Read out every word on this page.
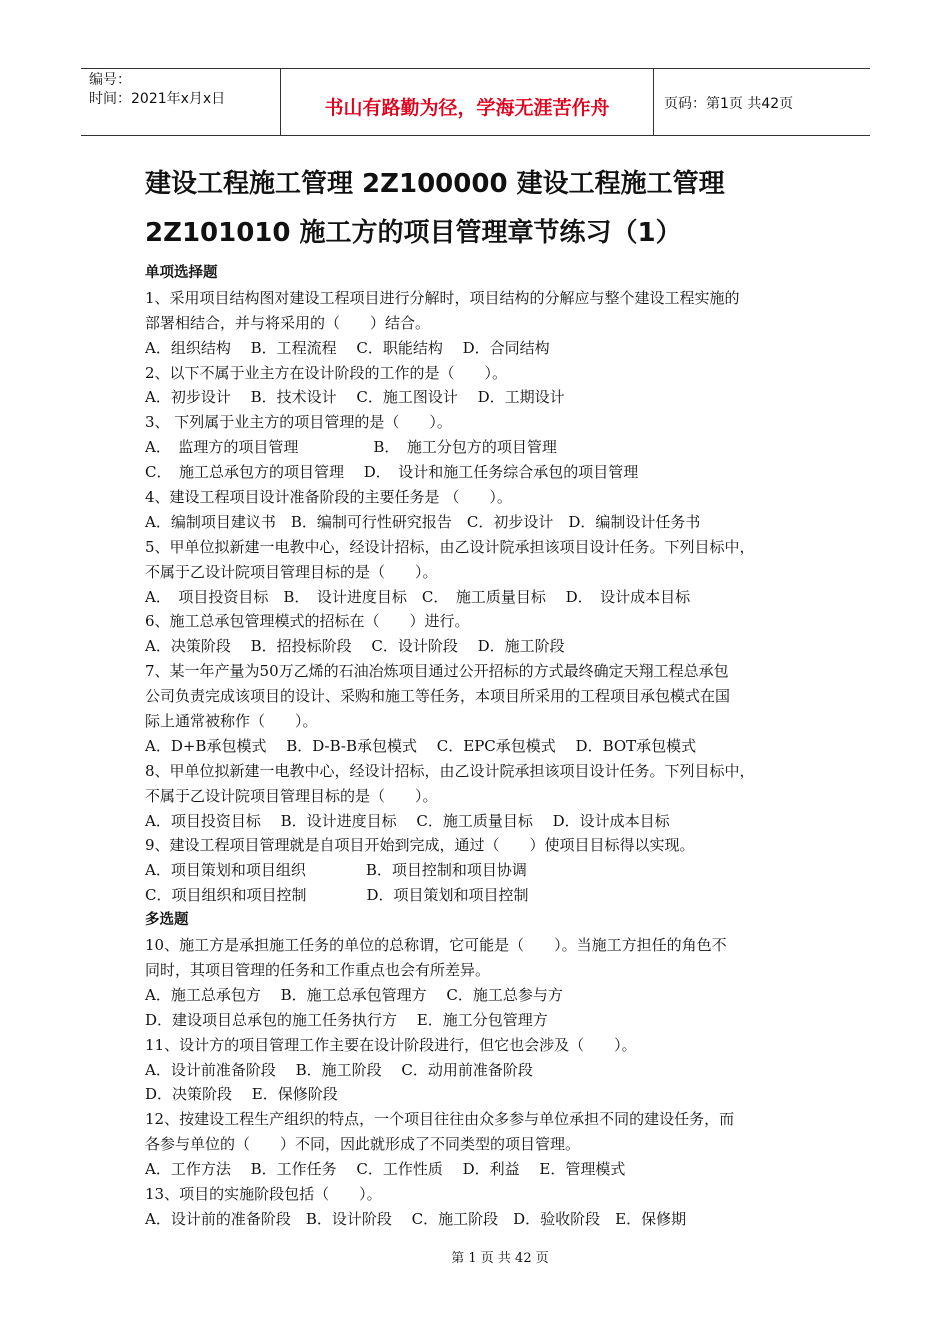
编号：
时间：2021年x月x日	书山有路勤为径，学海无涯苦作舟	页码：第1页 共42页
建设工程施工管理 2Z100000 建设工程施工管理
2Z101010 施工方的项目管理章节练习（1）
单项选择题
1、采用项目结构图对建设工程项目进行分解时，项目结构的分解应与整个建设工程实施的
部署相结合，并与将采用的（　　）结合。
A．组织结构　 B．工程流程　 C．职能结构　 D．合同结构
2、以下不属于业主方在设计阶段的工作的是（　　）。
A．初步设计　 B．技术设计　 C．施工图设计　 D．工期设计
3、 下列属于业主方的项目管理的是（　　）。
A．　监理方的项目管理　　　　　B．　施工分包方的项目管理
C．　施工总承包方的项目管理　 D．　设计和施工任务综合承包的项目管理
4、建设工程项目设计准备阶段的主要任务是 （　　）。
A．编制项目建议书　B．编制可行性研究报告　C．初步设计　D．编制设计任务书
5、甲单位拟新建一电教中心，经设计招标，由乙设计院承担该项目设计任务。下列目标中，
不属于乙设计院项目管理目标的是（　　）。
A．　项目投资目标　B．　设计进度目标　C．　施工质量目标　 D．　设计成本目标
6、施工总承包管理模式的招标在（　　）进行。
A．决策阶段　 B．招投标阶段　 C．设计阶段　 D．施工阶段
7、某一年产量为50万乙烯的石油冶炼项目通过公开招标的方式最终确定天翔工程总承包
公司负责完成该项目的设计、采购和施工等任务，本项目所采用的工程项目承包模式在国
际上通常被称作（　　）。
A．D+B承包模式　 B．D-B-B承包模式　 C．EPC承包模式　 D．BOT承包模式
8、甲单位拟新建一电教中心，经设计招标，由乙设计院承担该项目设计任务。下列目标中，
不属于乙设计院项目管理目标的是（　　）。
A．项目投资目标　 B．设计进度目标　 C．施工质量目标　 D．设计成本目标
9、建设工程项目管理就是自项目开始到完成，通过（　　）使项目目标得以实现。
A．项目策划和项目组织　　　　B．项目控制和项目协调
C．项目组织和项目控制　　　　D．项目策划和项目控制
多选题
10、施工方是承担施工任务的单位的总称谓，它可能是（　　）。当施工方担任的角色不
同时，其项目管理的任务和工作重点也会有所差异。
A．施工总承包方　 B．施工总承包管理方　 C．施工总参与方
D．建设项目总承包的施工任务执行方　 E．施工分包管理方
11、设计方的项目管理工作主要在设计阶段进行，但它也会涉及（　　）。
A．设计前准备阶段　 B．施工阶段　 C．动用前准备阶段
D．决策阶段　 E．保修阶段
12、按建设工程生产组织的特点，一个项目往往由众多参与单位承担不同的建设任务，而
各参与单位的（　　）不同，因此就形成了不同类型的项目管理。
A．工作方法　 B．工作任务　 C．工作性质　 D．利益　 E．管理模式
13、项目的实施阶段包括（　　）。
A．设计前的准备阶段　B．设计阶段　 C．施工阶段　D．验收阶段　E．保修期
第 1 页 共 42 页
